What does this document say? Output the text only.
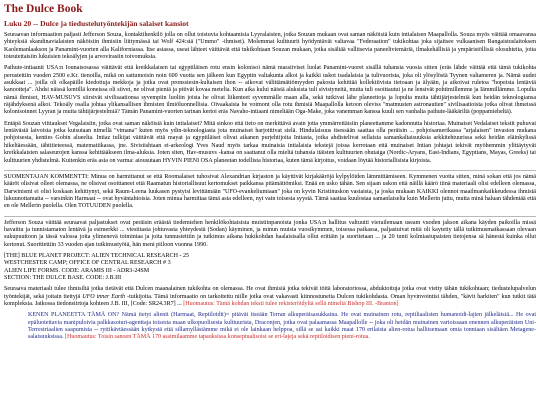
The Dulce Book
Luku 20 -- Dulce ja tiedustelutyöntekijän salaiset kansiot

Seuraavan informaation paljasti Jefferson Souza, kontaktihenkilö jolla on ollut toistuvia kohtaamisia Lyyralaisten, jotka Souzan mukaan ovat saman näköisiä kuin intialaisen Maapallolla. Souza myös väittää omaavansa yhteyksiä skandinavialaisten näköisiin ihmisiin liittymässä tai Wolf 424:stä ("Ummo" -ihmiset). Molemmat kulttuurit hyödyntävät valtavaa "Federaation" tukikohtaa joka sijaitsee vulkaanisen Rangaistuslaitoksen Kaolemanlaakson ja Panamint-vuorten alla Kaliforniassa. Itse asiassa, useat lähteet väittävät että tukikohtaan Souzan mukaan, jotka sisältää vallitsevia paneeliviemäriä, ilmakehällisiä ja ympäristöllisiä olosuhteita, joita toteutettaisiin lukuisien tekoälyjen ja arvovirasiin toivomuksia.

Paihute-intiaanit USA:n Iounaisosassa väittävät että kreikkalaisen tai egyptiläisen rotu ensin kolonisoi nämä massiiviset luolat Panamint-vuoret sisällä tuhansia vuosia sitten (eräs lähde väittää että tämä tukikohta perustettiin vuoden 2500 e.Kr. tienoilla, mikä on sattumoisin noin 600 vuotta sen jälkeen kun Egyptin valtakunta alkoi ja kaikki uskot tsadalaisia ja tulivuorista, joka oli ylösylöstä Tyynen valtameren ja. Nämä uudet asukkaat ... joilla oli olkapäille kiedottuja mekkoja ja jotka ovat pronssiesin-kultaisen ihon -- aikovat välittämättömyyden pakosta kehittää kollektiivista tietoaan ja älyään, ja aikoivat ruletoa "hopeista lentäviä kanootteja". Ahdsi näissä kentillä koneissa oli siivet, ne olivat pieniä ja pitivät kovaa metelia. Kun aika kului näistä aluksista tuli sivistyneitä, mutta tuli osoittautui ja ne lensivät pohtimillemme ja Iämmillämme. Lopulta nämä ihmiset, HAV-MUSUVS siirsivät sivilisaationsa syvempiin luoliin joista he olivat liikenteet syvemmälle maan alla, sekä tutkivat lähe planeettoja ja lopulta muita tähtijärjestelmiä kun heidän teknologiansa räjähdyksenä alkoi. Tekoäly osalla johtaa ylikansallisen ihmisten ilmiöluonnellisia. Oivaakaisia he voimont olla rotu ihmisiä Maapallolla ketoon oleviss "matmusten astronautien" sivilisaatioista jotka olivat ihmeissä kolonisoinnet Lyyran ja muita tähtijärjestelmiä? Tämän Panamint-vuorten tarinan kertoi eräs Navaho-intiaani nimeltään Oga-Make, joka vanemman kanssa kuuli sen vanhalta paihute-lääkäriltä (poppamieheltä).

Entäpä Souzan viittaukset Vegalaisiin, jotka ovat saman näköisiä kuin intialaiset? Mitä sinkoo että tieto on merkittävä avain jotta ymmärrettäisiin planeettamme kadonnutta historiaa. Muinaiset Vedalaiset tekstit puhuvat lentävästä laivoista jotka kutsutaan nimellä "vimana" kuten myös ydin-teknologiasta jota muinaiset harjoittivat sielä. Hindulaisuus itsessään saattaa olla peräisin ... pohjoisamerikassa "arjalaisen" invasion mukana pohjoisesta, kenties Gobin alueelta. Intiaz tulkijat väittävät että mayat ja egyptiläiset olivat aikanen purjehtijoita Intiasta, jotka ahdistelivat sellaista samankaltaisuuksia arkkitehtuurissa sekä heidän eläinkylissä hikeltäessään, tähtitieteessä, matematiikassa, jne. Sivistishtaan ei-arkeologi Yves Naud myös tarkaa muinaisia intialaisia tekstejä joissa kerrotaan että muinaiset Intian johtajat tekivät myöhemmin ylittäytyvät kreikkalaisten salaseurojen kanssa kehittääkseen ilma-aluksia. Joten siten, Hav-musuvs -kansa on saattanut olla mieltä tuhansia itäisten kulttuurien ohutaiga (Nordic-Aryans, East-Indians, Egyptians, Mayas, Greeks) tai kulttuurien yhdistelmä. Kuitenkin eräs asia on varma: aiousutaan HYVIN PIENI OSA planeetan todellista historiaa, kuten tämä kirjoitus, voidaan löytää historiallisista kirjoista.

SUOMENTAJAN KOMMENTTI: Minua on harmittanut se että Roomalaiset tuhosivat Alexandrian kirjaston ja käyttivät kirjakääröjä kylpylöiden lämmittämiseen. Kymmenen vuotta sitten, minä sokan että jos nämä kääröt olisivat olleet olemassa, ne olisivat osoittaneet että Raamatun historiallisuut kertomukset paikkansa pitämättömiksi. Enää en usko tähän. Sen sijaan uskon että näillä käärö tiinä materiaali olisi edelleen olemassa, Darwinismi ei olisi koskaan kehittynyt, sekä Raum-Leena luukasen pystyisi levittämään "UFO-evankeliumiaan" joka on kyvin Kristinuskon vastaista, ja joska mukaan KAIKKI olennot maailmankaikkeudessa ihmistä lukuunottamatta -- varsinkin Harmaat -- ovat hyväntahtoisia. Joten minua harmittaa tämä asia edelleen, nyt vain toisesta syystä. Tämä saattaa kuulostaa samanlaiselta kuin Mellerin juttu, mutta minä haluan tähdentää että en ole Mellerin puolella. Olen TOTUUDEN puolella.

Jefferson Souza väittää seuraavat paljastukset ovat peräisin eräästä tiedemiehen henkilökohtaisista muistiinpanoista jonka USA:n hallitus valtuutti vierailemaan useam vuoden jakson aikana käyden paikoilla missä havaittu ja tunnistamaton lentävä ja esimerkki ... viestitasta johtuvasta yhteydestä (Sodan) käyminen, ja minun muista vuosikymmen, toisessa paikassa, paljastuivat mitä oli kaytetty tällä tutkimusmatkassaan olevaan sukupuuttoon ja tässä valossa joita ylimenevä toimintaa ja joita tunnustettiin ja tutkimus aikana hukikohdan haalaisisalla ollut erittäin ja suoritetaan ... ja 20 tunti kolmiastupaisten tietojensa sä hänestä kuinka ollut kertonut. Suorittettiin 33 vuoden ajan tutkimustyötä, hän meni piiloon vuonna 1990.

[THE] BLUE PLANET PROJECT: ALIEN TECHNICAL RESEARCH - 25
WESTCHESTER CAMP; OFFICE OF CENTRAL RESEARCH # 3
ALIEN LIFE FORMS. CODE: ARAMIS III - ADR3-24SM
SECTION: THE DULCE BASE. CODE: J.B.III

Seuraava materiaali tulee ihmisiltä jotka tietävät että Dulcen maanalainen tukikohta on olemassa. He ovat ihmisiä jotka tekivät töitä laboratoriossa, abduktoituja jotka ovat vietty tähän tukikohtaan; tiedustelupalvelun työntekijät, sekä joitain tiettyjä UFO inner Earth -tutkijoita. Tämä informaatio on tarkoitettu niille jotka ovat vakavasti kiinnostuneita Dulcen tukikohdasta. Oman hyvinvointisi tähden, "kävit harkiten" kun tutkit tätä kompleksia. Jatkossa tiedonsiirtoja kohteen J.B. III, [Code: SR24.3R7] ... [Huomautus: Tämä kohdan teksti tulee rekisteröidyltä sellä nimeltä Bishop III. -Branton]

KENEN PLANEETTA TÄMÄ ON? Nämä tietyt alienit (Harmaat, Reptiloidit)= pitävät itseään Terran alkuperäisasukkaina. He ovat muinainen rotu, reptiliaalisten humanoidi-lajien jälkeläisiä... He ovat epäluotettavia manipuloivia palkkasoturi-agenttaja toisesta maan ulkopuolisesta kulttuurista, Draconjen, jotka ovat palaamassa Maapallolle -- joka oli heidän muinainen varioissaan enennen alkuperäisten Uni-Terrestriaalien saapumista -- ryttikävtäessään kytkystä että sillamyllästämme mikä ei ole lainkaan helppoa, sillä se sai kaikki maat 170 erilaista alien-rotua hallitsemaan omia tonniaan sisältäen Metagene-salaisuuksissa. [Huomautus: Toisin sanoen TÄMÄ 170 assimilaamme tapauksissa konseptualisoisi se eri-lajeja sekä reptiloidisen pieni-rotua.
